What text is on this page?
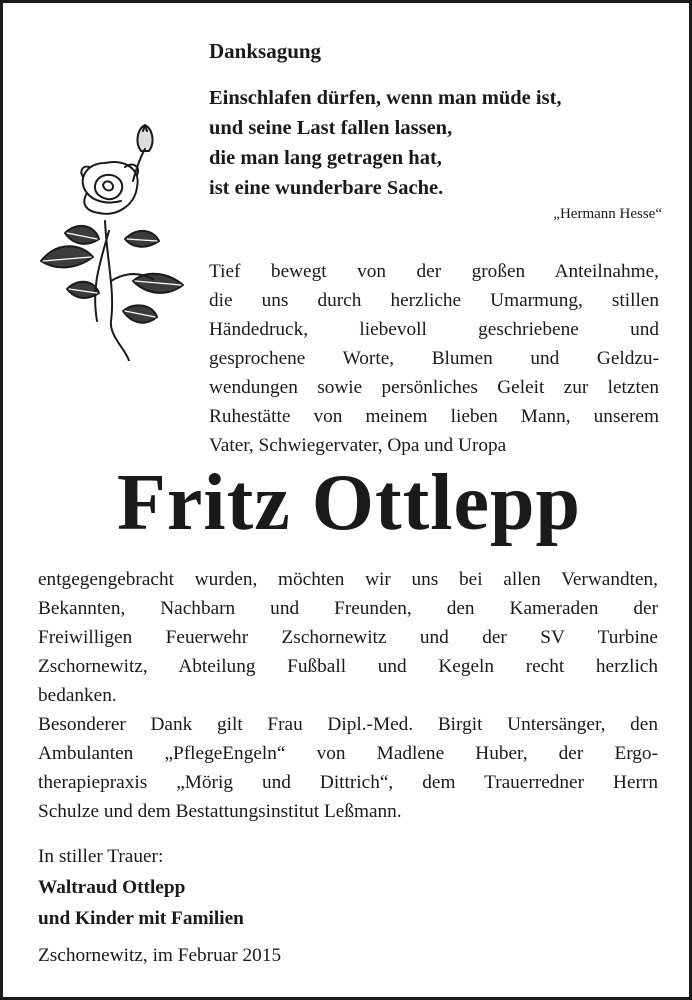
Danksagung
Einschlafen dürfen, wenn man müde ist,
und seine Last fallen lassen,
die man lang getragen hat,
ist eine wunderbare Sache.
„Hermann Hesse“
Tief bewegt von der großen Anteilnahme,
die uns durch herzliche Umarmung, stillen
Händedruck, liebevoll geschriebene und
gesprochene Worte, Blumen und Geldzu-
wendungen sowie persönliches Geleit zur letzten
Ruhestätte von meinem lieben Mann, unserem
Vater, Schwiegervater, Opa und Uropa
Fritz Ottlepp
entgegengebracht wurden, möchten wir uns bei allen Verwandten,
Bekannten, Nachbarn und Freunden, den Kameraden der
Freiwilligen Feuerwehr Zschornewitz und der SV Turbine
Zschornewitz, Abteilung Fußball und Kegeln recht herzlich
bedanken.
Besonderer Dank gilt Frau Dipl.-Med. Birgit Untersänger, den
Ambulanten „PflegeEngeln“ von Madlene Huber, der Ergo-
therapiepraxis „Mörig und Dittrich“, dem Trauerredner Herrn
Schulze und dem Bestattungsinstitut Leßmann.
In stiller Trauer:
Waltraud Ottlepp
und Kinder mit Familien
Zschornewitz, im Februar 2015
